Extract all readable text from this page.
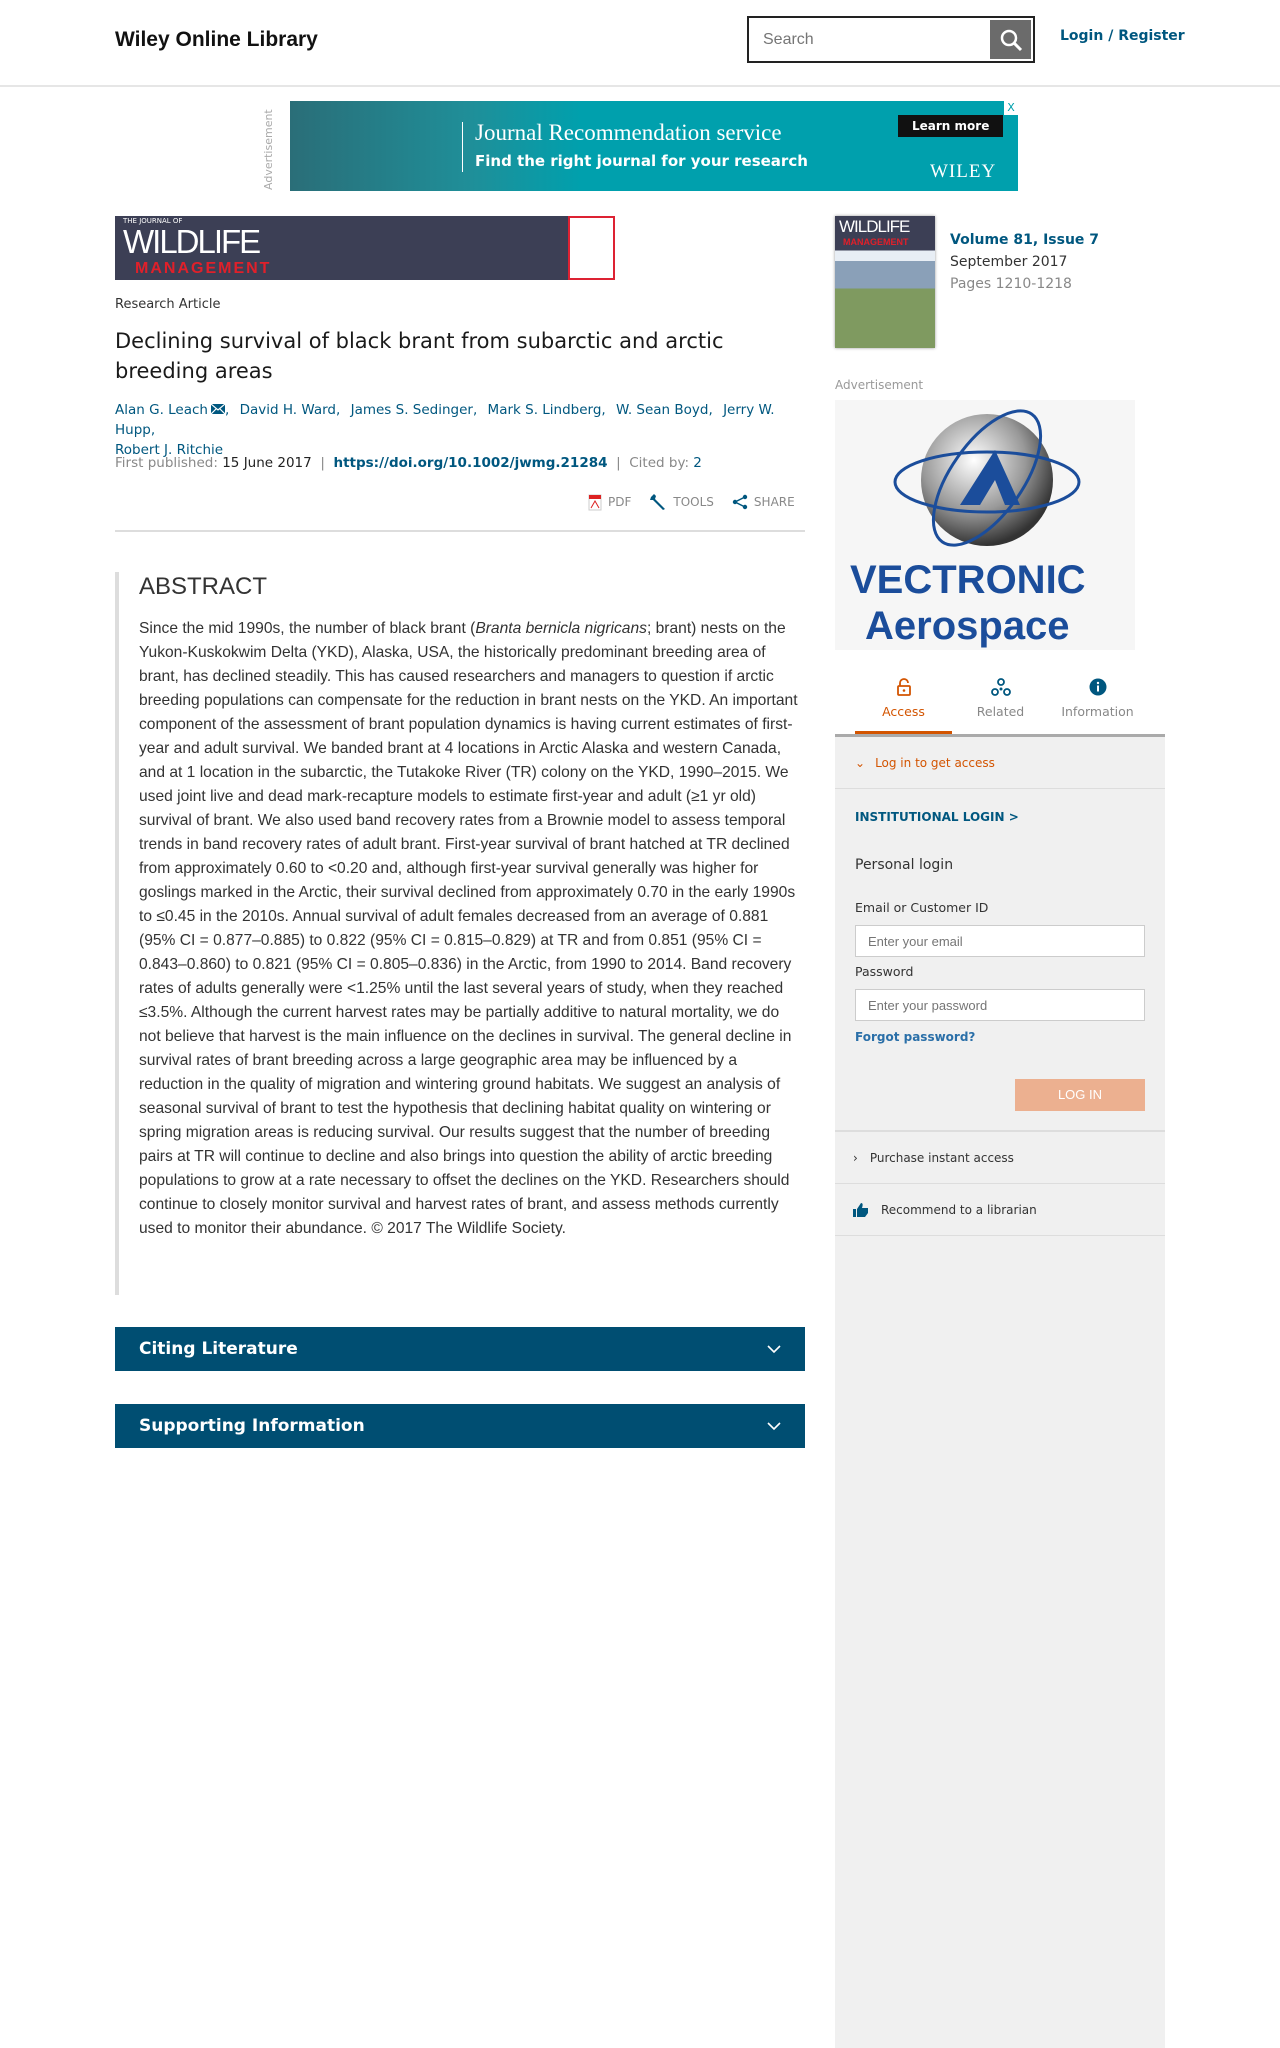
Wiley Online Library
Search	Login / Register
Advertisement	Journal Recommendation service
Find the right journal for your research
Learn more
WILEY
X
THE JOURNAL OF
WILDLIFE
MANAGEMENT
Research Article
Declining survival of black brant from subarctic and arctic breeding areas
Alan G. Leach , David H. Ward, James S. Sedinger, Mark S. Lindberg, W. Sean Boyd, Jerry W. Hupp,
Robert J. Ritchie
First published: 15 June 2017  |  https://doi.org/10.1002/jwmg.21284  |  Cited by: 2
PDF	TOOLS	SHARE
ABSTRACT

Since the mid 1990s, the number of black brant (Branta bernicla nigricans; brant) nests on the Yukon-Kuskokwim Delta (YKD), Alaska, USA, the historically predominant breeding area of brant, has declined steadily. This has caused researchers and managers to question if arctic breeding populations can compensate for the reduction in brant nests on the YKD. An important component of the assessment of brant population dynamics is having current estimates of first-year and adult survival. We banded brant at 4 locations in Arctic Alaska and western Canada, and at 1 location in the subarctic, the Tutakoke River (TR) colony on the YKD, 1990–2015. We used joint live and dead mark-recapture models to estimate first-year and adult (≥1 yr old) survival of brant. We also used band recovery rates from a Brownie model to assess temporal trends in band recovery rates of adult brant. First-year survival of brant hatched at TR declined from approximately 0.60 to <0.20 and, although first-year survival generally was higher for goslings marked in the Arctic, their survival declined from approximately 0.70 in the early 1990s to ≤0.45 in the 2010s. Annual survival of adult females decreased from an average of 0.881 (95% CI = 0.877–0.885) to 0.822 (95% CI = 0.815–0.829) at TR and from 0.851 (95% CI = 0.843–0.860) to 0.821 (95% CI = 0.805–0.836) in the Arctic, from 1990 to 2014. Band recovery rates of adults generally were <1.25% until the last several years of study, when they reached ≤3.5%. Although the current harvest rates may be partially additive to natural mortality, we do not believe that harvest is the main influence on the declines in survival. The general decline in survival rates of brant breeding across a large geographic area may be influenced by a reduction in the quality of migration and wintering ground habitats. We suggest an analysis of seasonal survival of brant to test the hypothesis that declining habitat quality on wintering or spring migration areas is reducing survival. Our results suggest that the number of breeding pairs at TR will continue to decline and also brings into question the ability of arctic breeding populations to grow at a rate necessary to offset the declines on the YKD. Researchers should continue to closely monitor survival and harvest rates of brant, and assess methods currently used to monitor their abundance. © 2017 The Wildlife Society.

Citing Literature
Supporting Information
WILDLIFE
MANAGEMENT	Volume 81, Issue 7
September 2017
Pages 1210-1218
Advertisement
VECTRONIC
Aerospace
Access	Related	Information
⌄ Log in to get access
INSTITUTIONAL LOGIN >
Personal login
Email or Customer ID
Enter your email
Password
Forgot password?
LOG IN
› Purchase instant access
Recommend to a librarian
